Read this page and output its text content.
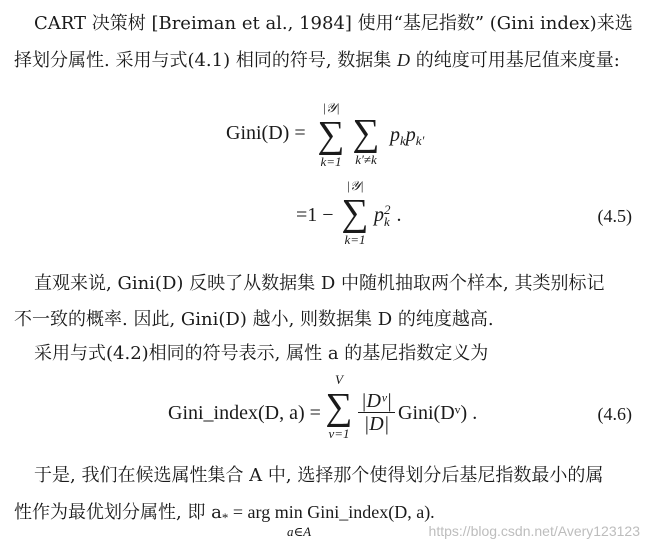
CART 决策树 [Breiman et al., 1984] 使用“基尼指数” (Gini index)来选
择划分属性. 采用与式(4.1) 相同的符号, 数据集 D 的纯度可用基尼值来度量:
Gini(D) =
|𝒴|
∑
k=1
∑
k′≠k
$p_kp_{k'}$
=1 −
|𝒴|
∑
k=1
p 2
k .	(4.5)
直观来说, Gini(D) 反映了从数据集 D 中随机抽取两个样本, 其类别标记
不一致的概率. 因此, Gini(D) 越小, 则数据集 D 的纯度越高.
采用与式(4.2)相同的符号表示, 属性 a 的基尼指数定义为
Gini_index(D, a) =
V
∑
$v=1 \frac{\text{|Dᵛ|}}{|D|}$ Gini(Dᵛ) .	(4.6)
于是, 我们在候选属性集合 A 中, 选择那个使得划分后基尼指数最小的属
性作为最优划分属性, 即 $a_*$ = arg min Gini_index(D, a).
a∈A	https://blog.csdn.net/Avery123123
